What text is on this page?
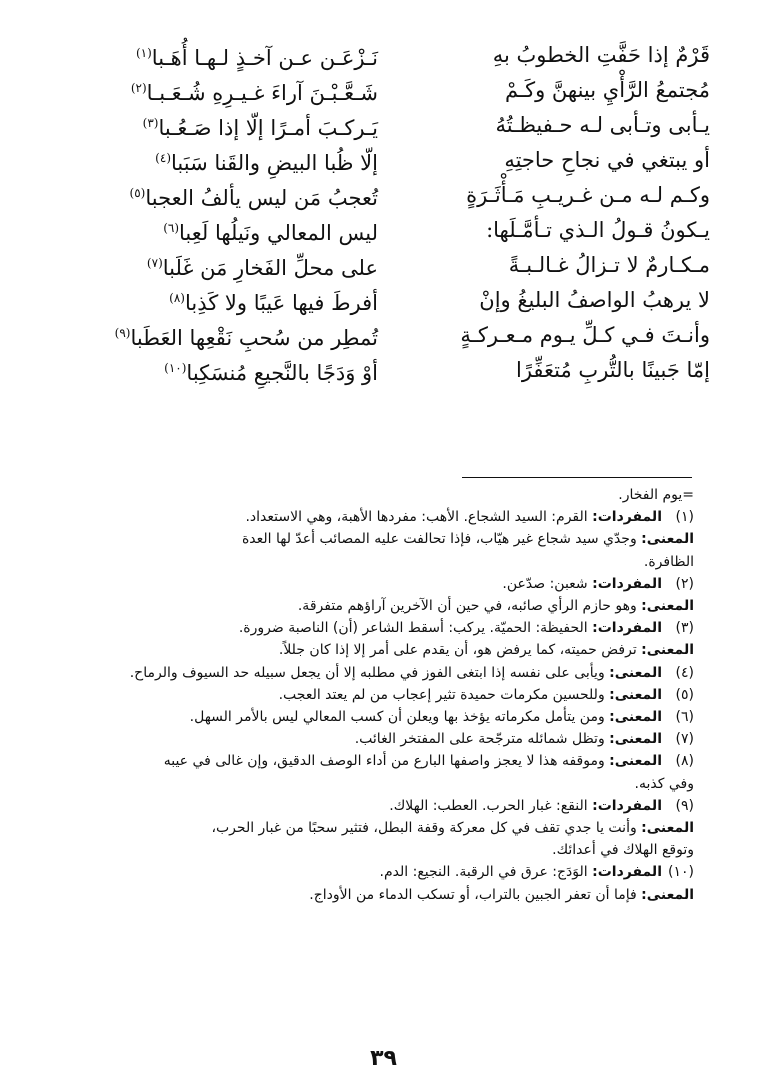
قَرْمٌ إذا حَفَّتِ الخطوبُ بهِ
نَـزْعَـن عـن آخـذٍ لـهـا أُهَـبا$^{(١)}$
مُجتمعُ الرَّأْيِ بينهنَّ وكَـمْ
شَـعَّـبْـنَ آراءَ غـيـرِهِ شُـعَـبـا$^{(٢)}$
يـأبى وتـأبى لـه حـفيظـتُهُ
يَـركـبَ أمـرًا إلّا إذا صَـعُـبا$^{(٣)}$
أو يبتغي في نجاحِ حاجتِهِ
إلّا ظُبا البيضِ والقَنا سَبَبا$^{(٤)}$
وكـم لـه مـن غـريـبِ مَـأْثَـرَةٍ
تُعجبُ مَن ليس يألفُ العجبا$^{(٥)}$
يـكونُ قـولُ الـذي تـأمَّـلَها:
ليس المعالي ونَيلُها لَعِبا$^{(٦)}$
مـكـارمٌ لا تـزالُ غـالـبـةً
على محلِّ الفَخارِ مَن غَلَبا$^{(٧)}$
لا يرهبُ الواصفُ البليغُ وإنْ
أفرطَ فيها عَيبًا ولا كَذِبا$^{(٨)}$
وأنـتَ فـي كـلِّ يـوم مـعـركـةٍ
تُمطِر من سُحبِ نَقْعِها العَطَبا$^{(٩)}$
إمّا جَبينًا بالتُّربِ مُتعَفِّرًا
أوْ وَدَجًا بالنَّجيعِ مُنسَكِبا$^{(١٠)}$
=يوم الفخار.
(١)المفردات: القرم: السيد الشجاع. الأهب: مفردها الأهبة، وهي الاستعداد.
المعنى: وجدّي سيد شجاع غير هيّاب، فإذا تحالفت عليه المصائب أعدّ لها العدة
الظافرة.
(٢)المفردات: شعبن: صدّعن.
المعنى: وهو حازم الرأي صائبه، في حين أن الآخرين آراؤهم متفرقة.
(٣)المفردات: الحفيظة: الحميّة. يركب: أسقط الشاعر (أن) الناصبة ضرورة.
المعنى: ترفض حميته، كما يرفض هو، أن يقدم على أمر إلا إذا كان جللاً.
(٤)المعنى: ويأبى على نفسه إذا ابتغى الفوز في مطلبه إلا أن يجعل سبيله حد السيوف والرماح.
(٥)المعنى: وللحسين مكرمات حميدة تثير إعجاب من لم يعتد العجب.
(٦)المعنى: ومن يتأمل مكرماته يؤخذ بها ويعلن أن كسب المعالي ليس بالأمر السهل.
(٧)المعنى: وتظل شمائله مترجّحة على المفتخر الغائب.
(٨)المعنى: وموقفه هذا لا يعجز واصفها البارع من أداء الوصف الدقيق، وإن غالى في عيبه
وفي كذبه.
(٩)المفردات: النقع: غبار الحرب. العطب: الهلاك.
المعنى: وأنت يا جدي تقف في كل معركة وقفة البطل، فتثير سحبًا من غبار الحرب،
وتوقع الهلاك في أعدائك.
(١٠)المفردات: الوَدَج: عرق في الرقبة. النجيع: الدم.
المعنى: فإما أن تعفر الجبين بالتراب، أو تسكب الدماء من الأوداج.
٣٩
